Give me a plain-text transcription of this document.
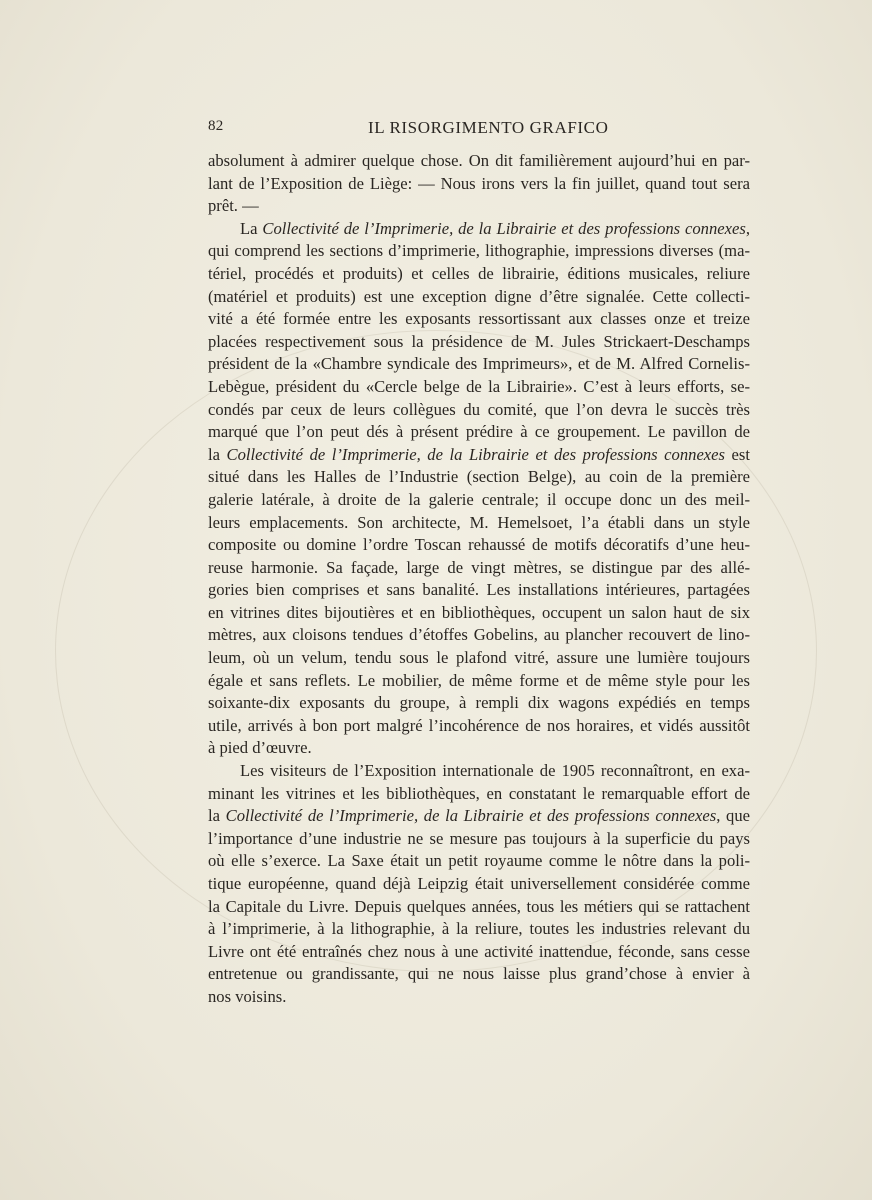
82	IL RISORGIMENTO GRAFICO

absolument à admirer quelque chose. On dit familièrement aujourd’hui en par-
lant de l’Exposition de Liège: — Nous irons vers la fin juillet, quand tout sera
prêt. —

La Collectivité de l’Imprimerie, de la Librairie et des professions connexes,
qui comprend les sections d’imprimerie, lithographie, impressions diverses (ma-
tériel, procédés et produits) et celles de librairie, éditions musicales, reliure
(matériel et produits) est une exception digne d’être signalée. Cette collecti-
vité a été formée entre les exposants ressortissant aux classes onze et treize
placées respectivement sous la présidence de M. Jules Strickaert-Deschamps
président de la «Chambre syndicale des Imprimeurs», et de M. Alfred Cornelis-
Lebègue, président du «Cercle belge de la Librairie». C’est à leurs efforts, se-
condés par ceux de leurs collègues du comité, que l’on devra le succès très
marqué que l’on peut dés à présent prédire à ce groupement. Le pavillon de
la Collectivité de l’Imprimerie, de la Librairie et des professions connexes est
situé dans les Halles de l’Industrie (section Belge), au coin de la première
galerie latérale, à droite de la galerie centrale; il occupe donc un des meil-
leurs emplacements. Son architecte, M. Hemelsoet, l’a établi dans un style
composite ou domine l’ordre Toscan rehaussé de motifs décoratifs d’une heu-
reuse harmonie. Sa façade, large de vingt mètres, se distingue par des allé-
gories bien comprises et sans banalité. Les installations intérieures, partagées
en vitrines dites bijoutières et en bibliothèques, occupent un salon haut de six
mètres, aux cloisons tendues d’étoffes Gobelins, au plancher recouvert de lino-
leum, où un velum, tendu sous le plafond vitré, assure une lumière toujours
égale et sans reflets. Le mobilier, de même forme et de même style pour les
soixante-dix exposants du groupe, à rempli dix wagons expédiés en temps
utile, arrivés à bon port malgré l’incohérence de nos horaires, et vidés aussitôt
à pied d’œuvre.

Les visiteurs de l’Exposition internationale de 1905 reconnaîtront, en exa-
minant les vitrines et les bibliothèques, en constatant le remarquable effort de
la Collectivité de l’Imprimerie, de la Librairie et des professions connexes, que
l’importance d’une industrie ne se mesure pas toujours à la superficie du pays
où elle s’exerce. La Saxe était un petit royaume comme le nôtre dans la poli-
tique européenne, quand déjà Leipzig était universellement considérée comme
la Capitale du Livre. Depuis quelques années, tous les métiers qui se rattachent
à l’imprimerie, à la lithographie, à la reliure, toutes les industries relevant du
Livre ont été entraînés chez nous à une activité inattendue, féconde, sans cesse
entretenue ou grandissante, qui ne nous laisse plus grand’chose à envier à
nos voisins.
